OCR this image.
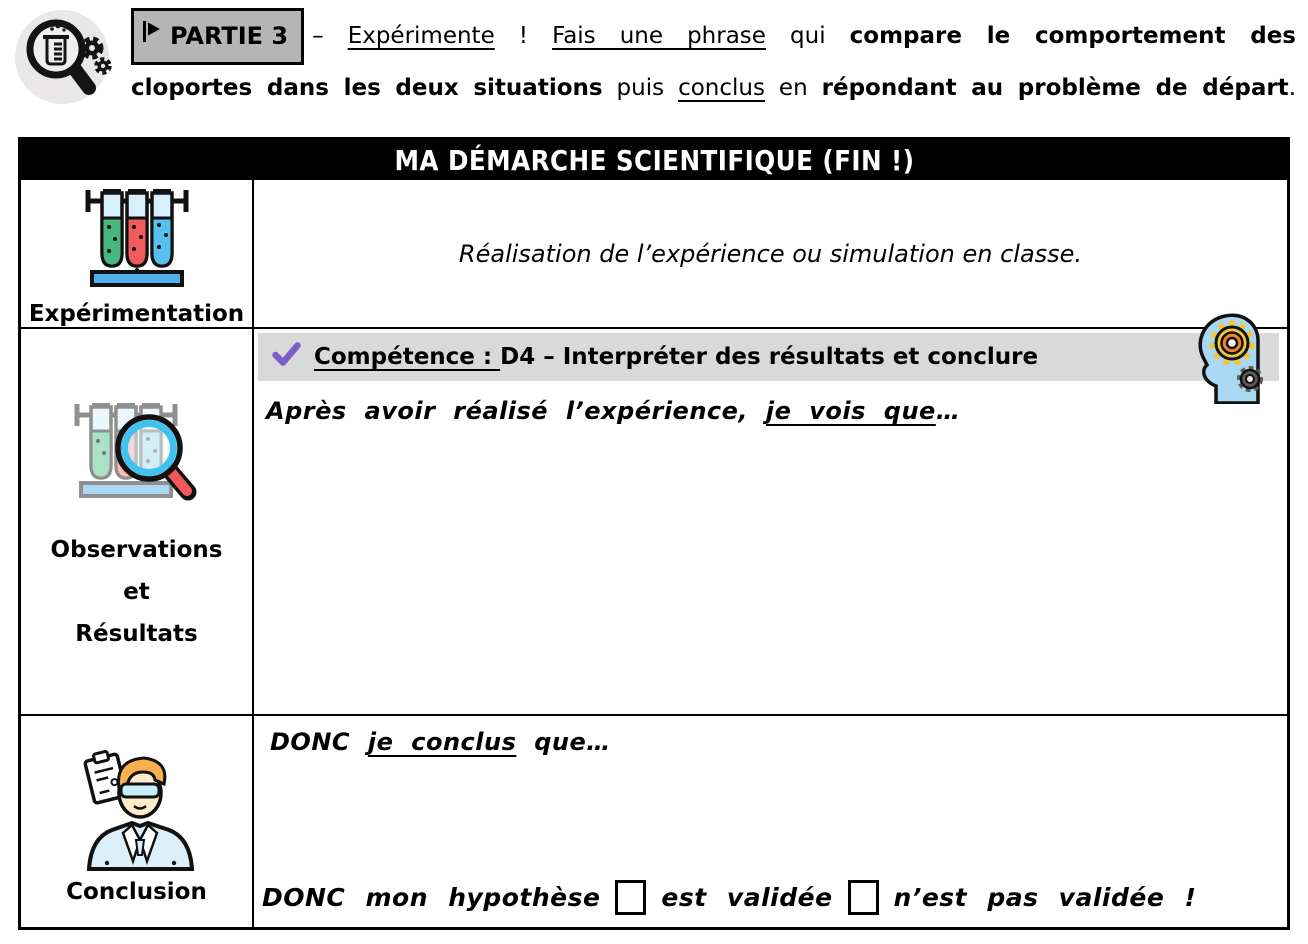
PARTIE 3 – Expérimente ! Fais une phrase qui compare le comportement des
cloportes dans les deux situations puis conclus en répondant au problème de départ.
MA DÉMARCHE SCIENTIFIQUE (FIN !)
Expérimentation
Réalisation de l’expérience ou simulation en classe.
Observations
et
Résultats
Compétence : D4 – Interpréter des résultats et conclure
Après avoir réalisé l’expérience, je vois que…
Conclusion
DONC je conclus que…
DONC mon hypothèse est validée n’est pas validée !
